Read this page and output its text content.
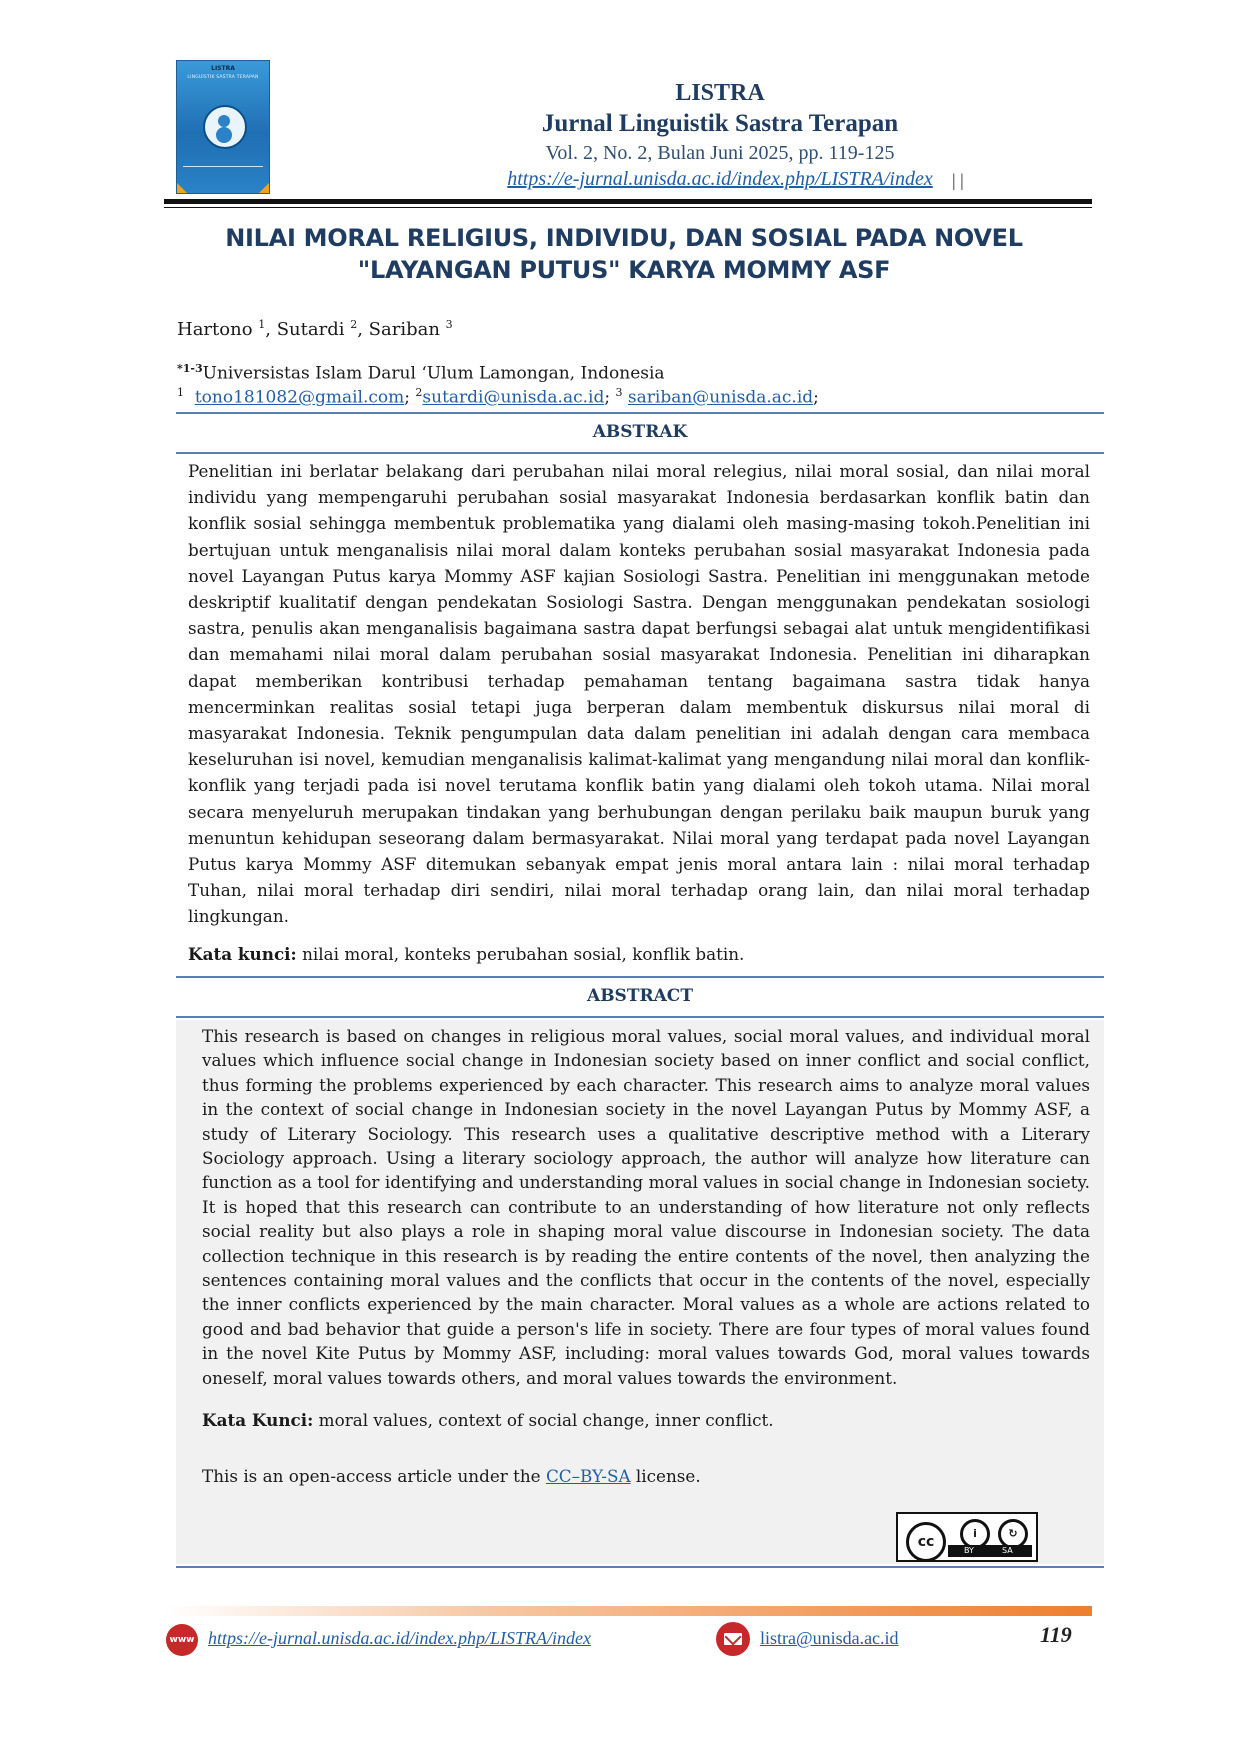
LISTRA
LINGUISTIK SASTRA TERAPAN
LISTRA
Jurnal Linguistik Sastra Terapan
Vol. 2, No. 2, Bulan Juni 2025, pp. 119-125
https://e-jurnal.unisda.ac.id/index.php/LISTRA/index	| |
NILAI MORAL RELIGIUS, INDIVIDU, DAN SOSIAL PADA NOVEL
"LAYANGAN PUTUS" KARYA MOMMY ASF
Hartono $^1$, Sutardi $^2$, Sariban $^3$
$^{*1-3}$Universistas Islam Darul ‘Ulum Lamongan, Indonesia
$^1$ tono181082@gmail.com; $^2$sutardi@unisda.ac.id; $^3$ sariban@unisda.ac.id;
ABSTRAK
Penelitian ini berlatar belakang dari perubahan nilai moral relegius, nilai moral sosial, dan nilai moral individu yang mempengaruhi perubahan sosial masyarakat Indonesia berdasarkan konflik batin dan konflik sosial sehingga membentuk problematika yang dialami oleh masing-masing tokoh.Penelitian ini bertujuan untuk menganalisis nilai moral dalam konteks perubahan sosial masyarakat Indonesia pada novel Layangan Putus karya Mommy ASF kajian Sosiologi Sastra. Penelitian ini menggunakan metode deskriptif kualitatif dengan pendekatan Sosiologi Sastra. Dengan menggunakan pendekatan sosiologi sastra, penulis akan menganalisis bagaimana sastra dapat berfungsi sebagai alat untuk mengidentifikasi dan memahami nilai moral dalam perubahan sosial masyarakat Indonesia. Penelitian ini diharapkan dapat memberikan kontribusi terhadap pemahaman tentang bagaimana sastra tidak hanya mencerminkan realitas sosial tetapi juga berperan dalam membentuk diskursus nilai moral di masyarakat Indonesia. Teknik pengumpulan data dalam penelitian ini adalah dengan cara membaca keseluruhan isi novel, kemudian menganalisis kalimat-kalimat yang mengandung nilai moral dan konflik-konflik yang terjadi pada isi novel terutama konflik batin yang dialami oleh tokoh utama. Nilai moral secara menyeluruh merupakan tindakan yang berhubungan dengan perilaku baik maupun buruk yang menuntun kehidupan seseorang dalam bermasyarakat. Nilai moral yang terdapat pada novel Layangan Putus karya Mommy ASF ditemukan sebanyak empat jenis moral antara lain : nilai moral terhadap Tuhan, nilai moral terhadap diri sendiri, nilai moral terhadap orang lain, dan nilai moral terhadap lingkungan.
Kata kunci: nilai moral, konteks perubahan sosial, konflik batin.
ABSTRACT
This research is based on changes in religious moral values, social moral values, and individual moral values which influence social change in Indonesian society based on inner conflict and social conflict, thus forming the problems experienced by each character. This research aims to analyze moral values in the context of social change in Indonesian society in the novel Layangan Putus by Mommy ASF, a study of Literary Sociology. This research uses a qualitative descriptive method with a Literary Sociology approach. Using a literary sociology approach, the author will analyze how literature can function as a tool for identifying and understanding moral values in social change in Indonesian society. It is hoped that this research can contribute to an understanding of how literature not only reflects social reality but also plays a role in shaping moral value discourse in Indonesian society. The data collection technique in this research is by reading the entire contents of the novel, then analyzing the sentences containing moral values and the conflicts that occur in the contents of the novel, especially the inner conflicts experienced by the main character. Moral values as a whole are actions related to good and bad behavior that guide a person's life in society. There are four types of moral values found in the novel Kite Putus by Mommy ASF, including: moral values towards God, moral values towards oneself, moral values towards others, and moral values towards the environment.
Kata Kunci: moral values, context of social change, inner conflict.
This is an open-access article under the CC–BY-SA license.
cc
i	↻
BY	SA
www https://e-jurnal.unisda.ac.id/index.php/LISTRA/index	listra@unisda.ac.id	119
